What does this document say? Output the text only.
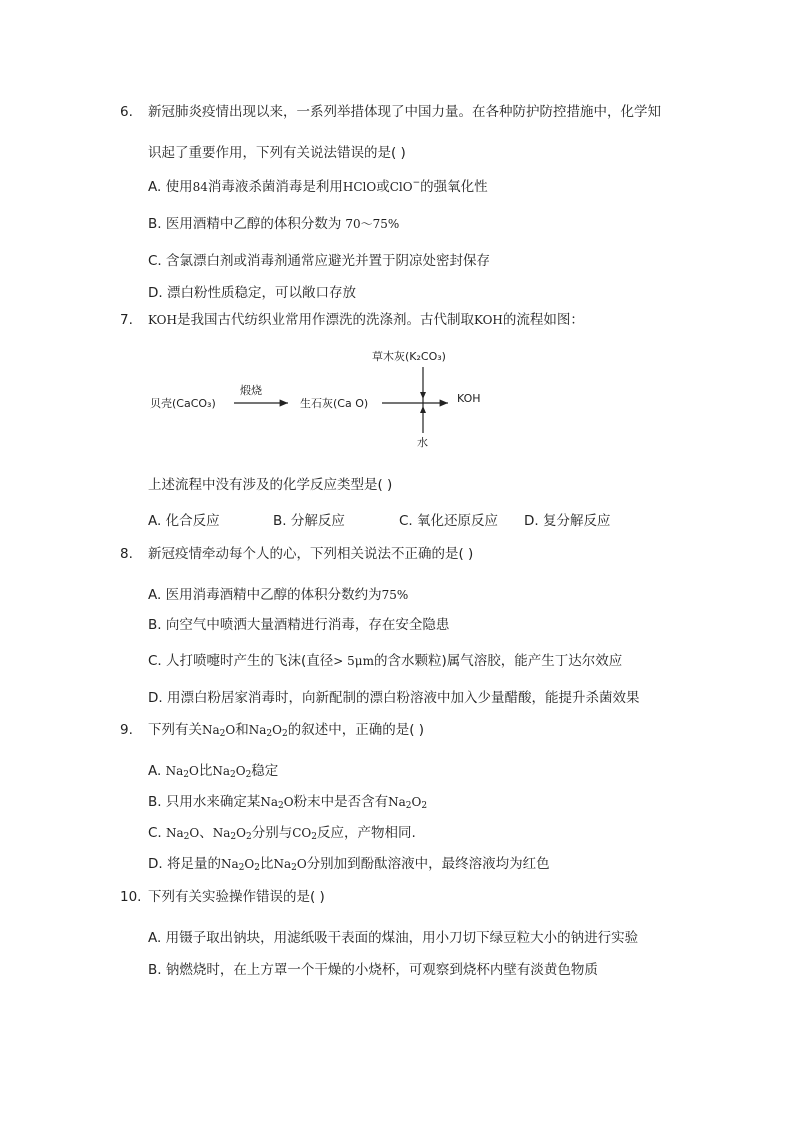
6.	新冠肺炎疫情出现以来，一系列举措体现了中国力量。在各种防护防控措施中，化学知
识起了重要作用，下列有关说法错误的是( )
A. 使用84消毒液杀菌消毒是利用HClO或ClO−的强氧化性
B. 医用酒精中乙醇的体积分数为 70～75%
C. 含氯漂白剂或消毒剂通常应避光并置于阴凉处密封保存
D. 漂白粉性质稳定，可以敞口存放
7.	KOH是我国古代纺织业常用作漂洗的洗涤剂。古代制取KOH的流程如图：
贝壳(CaCO₃)
煅烧
生石灰(Ca O)
草木灰(K₂CO₃)
KOH
水
上述流程中没有涉及的化学反应类型是( )
A. 化合反应	B. 分解反应	C. 氧化还原反应 D. 复分解反应
8.	新冠疫情牵动每个人的心，下列相关说法不正确的是( )
A. 医用消毒酒精中乙醇的体积分数约为75%
B. 向空气中喷洒大量酒精进行消毒，存在安全隐患
C. 人打喷嚏时产生的飞沫(直径> 5μm的含水颗粒)属气溶胶，能产生丁达尔效应
D. 用漂白粉居家消毒时，向新配制的漂白粉溶液中加入少量醋酸，能提升杀菌效果
9.	下列有关$Na_2O$和$Na_2O_2$的叙述中，正确的是( )
A. $Na_2O$比$Na_2O_2$稳定
B. 只用水来确定某$Na_2O$粉末中是否含有$Na_2O_2$
C. $Na_2O$、$Na_2O_2$分别与$CO_2$反应，产物相同.
D. 将足量的$Na_2O_2$比$Na_2O$分别加到酚酞溶液中，最终溶液均为红色
10. 下列有关实验操作错误的是( )
A. 用镊子取出钠块，用滤纸吸干表面的煤油，用小刀切下绿豆粒大小的钠进行实验
B. 钠燃烧时，在上方罩一个干燥的小烧杯，可观察到烧杯内壁有淡黄色物质
